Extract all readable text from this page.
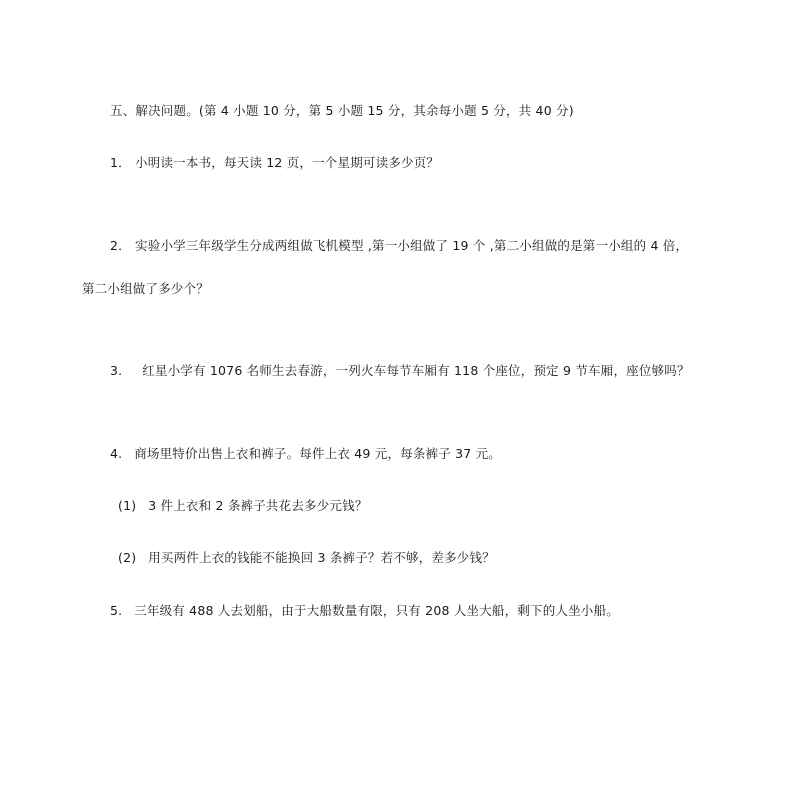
五、解决问题。(第 4 小题 10 分，第 5 小题 15 分，其余每小题 5 分，共 40 分)
1． 小明读一本书，每天读 12 页，一个星期可读多少页？
2． 实验小学三年级学生分成两组做飞机模型 ,第一小组做了 19 个 ,第二小组做的是第一小组的 4 倍，
第二小组做了多少个？
3. 红星小学有 1076 名师生去春游，一列火车每节车厢有 118 个座位，预定 9 节车厢，座位够吗？
4. 商场里特价出售上衣和裤子。每件上衣 49 元，每条裤子 37 元。
(1) 3 件上衣和 2 条裤子共花去多少元钱？
(2) 用买两件上衣的钱能不能换回 3 条裤子？若不够，差多少钱？
5. 三年级有 488 人去划船，由于大船数量有限，只有 208 人坐大船，剩下的人坐小船。
